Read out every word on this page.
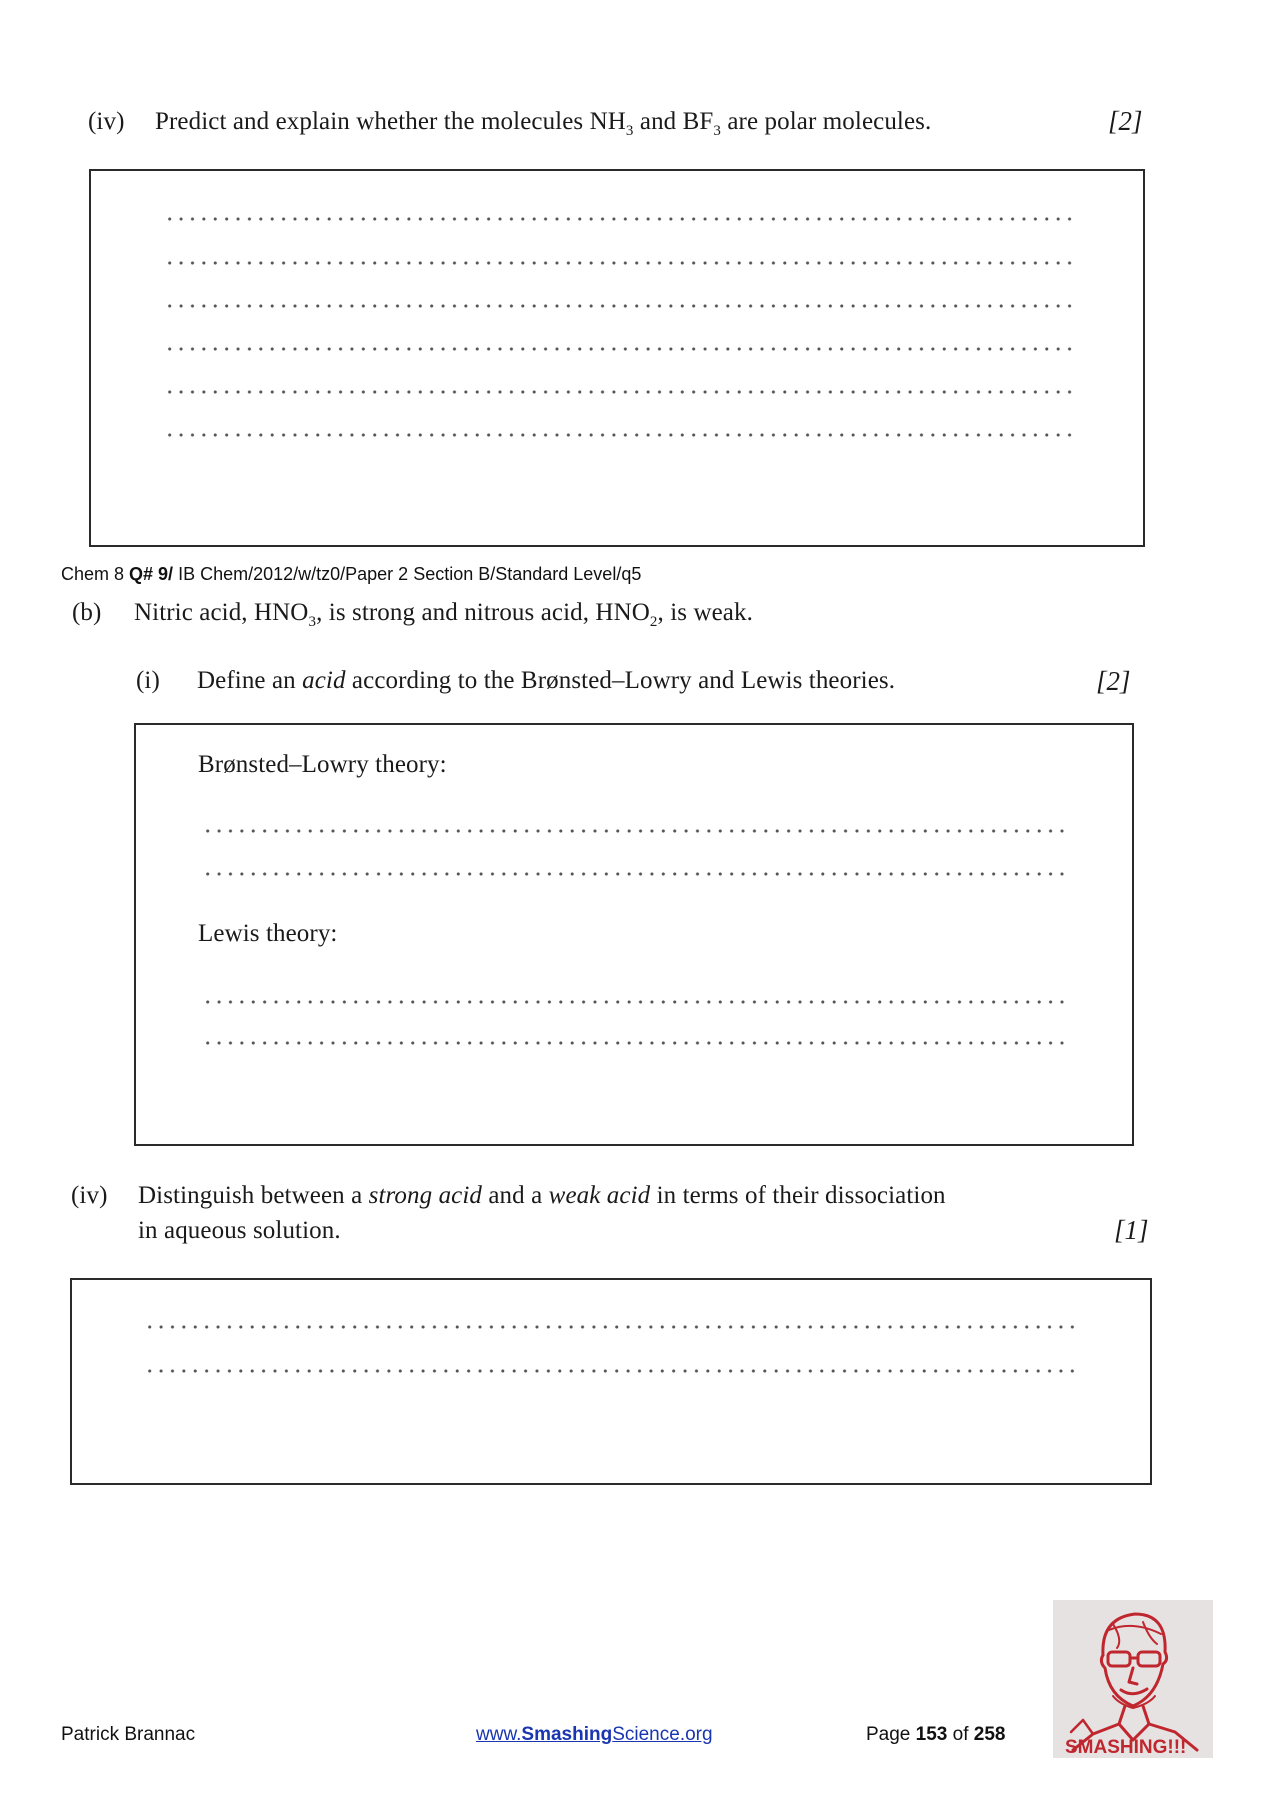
(iv) Predict and explain whether the molecules $NH_3$ and $BF_3$ are polar molecules.	[2]
Chem 8 Q# 9/ IB Chem/2012/w/tz0/Paper 2 Section B/Standard Level/q5
(b) Nitric acid, $HNO_3$, is strong and nitrous acid, $HNO_2$, is weak.
(i) Define an acid according to the Brønsted–Lowry and Lewis theories.	[2]
Brønsted–Lowry theory:
Lewis theory:
(iv) Distinguish between a strong acid and a weak acid in terms of their dissociation
in aqueous solution.	[1]
Patrick Brannac	www.SmashingScience.org	Page 153 of 258
SMASHING!!!
